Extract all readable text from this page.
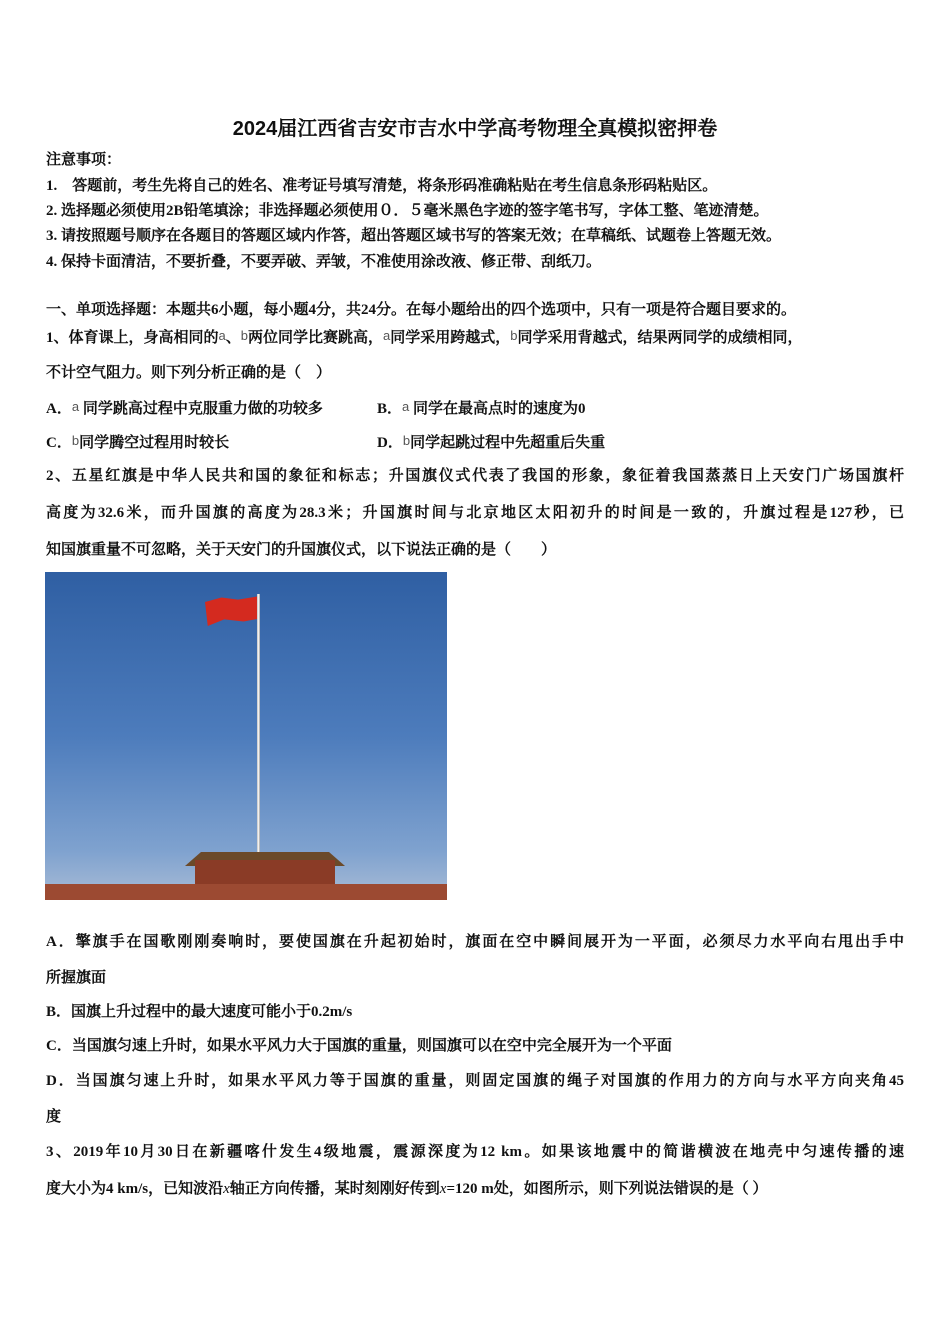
2024届江西省吉安市吉水中学高考物理全真模拟密押卷
注意事项：
1.　答题前，考生先将自己的姓名、准考证号填写清楚，将条形码准确粘贴在考生信息条形码粘贴区。
2. 选择题必须使用2B铅笔填涂；非选择题必须使用０．５毫米黑色字迹的签字笔书写，字体工整、笔迹清楚。
3. 请按照题号顺序在各题目的答题区域内作答，超出答题区域书写的答案无效；在草稿纸、试题卷上答题无效。
4. 保持卡面清洁，不要折叠，不要弄破、弄皱，不准使用涂改液、修正带、刮纸刀。
一、单项选择题：本题共6小题，每小题4分，共24分。在每小题给出的四个选项中，只有一项是符合题目要求的。
1、体育课上，身高相同的a、b两位同学比赛跳高，a同学采用跨越式，b同学采用背越式，结果两同学的成绩相同，
不计空气阻力。则下列分析正确的是（　）
A．a 同学跳高过程中克服重力做的功较多	B．a 同学在最高点时的速度为0
C．b同学腾空过程用时较长	D．b同学起跳过程中先超重后失重
2、五星红旗是中华人民共和国的象征和标志；升国旗仪式代表了我国的形象，象征着我国蒸蒸日上天安门广场国旗杆
高度为32.6米，而升国旗的高度为28.3米；升国旗时间与北京地区太阳初升的时间是一致的，升旗过程是127秒，已
知国旗重量不可忽略，关于天安门的升国旗仪式，以下说法正确的是（　　）
A．擎旗手在国歌刚刚奏响时，要使国旗在升起初始时，旗面在空中瞬间展开为一平面，必须尽力水平向右甩出手中
所握旗面
B．国旗上升过程中的最大速度可能小于0.2m/s
C．当国旗匀速上升时，如果水平风力大于国旗的重量，则国旗可以在空中完全展开为一个平面
D．当国旗匀速上升时，如果水平风力等于国旗的重量，则固定国旗的绳子对国旗的作用力的方向与水平方向夹角45
度
3、2019年10月30日在新疆喀什发生4级地震，震源深度为12 km。如果该地震中的简谐横波在地壳中匀速传播的速
度大小为4 km/s，已知波沿x轴正方向传播，某时刻刚好传到x=120 m处，如图所示，则下列说法错误的是（ ）
